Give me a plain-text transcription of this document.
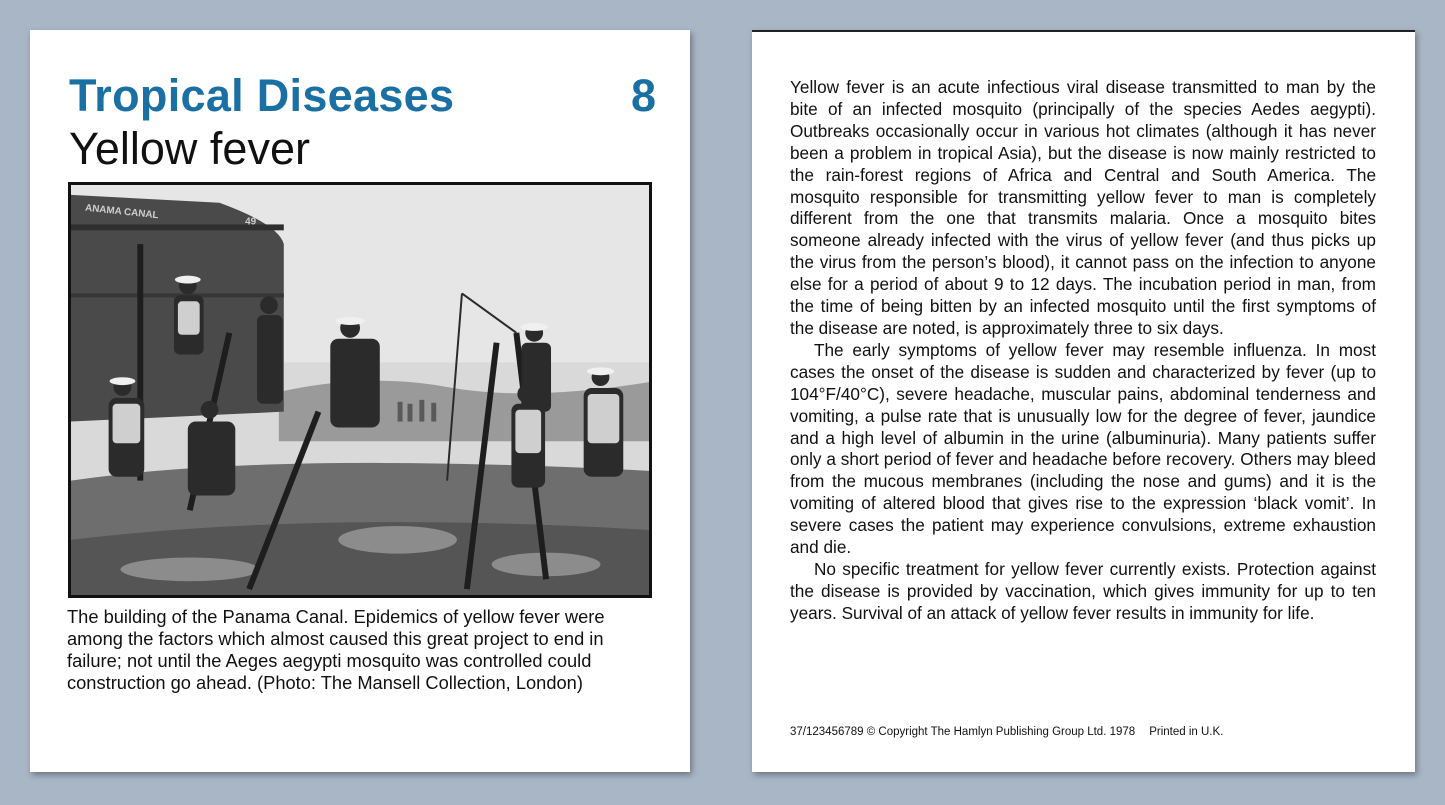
Tropical Diseases	8
Yellow fever
ANAMA CANAL
49

The building of the Panama Canal. Epidemics of yellow fever were among the factors which almost caused this great project to end in failure; not until the Aeges aegypti mosquito was controlled could construction go ahead. (Photo: The Mansell Collection, London)

Yellow fever is an acute infectious viral disease transmitted to man by the bite of an infected mosquito (principally of the species Aedes aegypti). Outbreaks occasionally occur in various hot climates (although it has never been a problem in tropical Asia), but the disease is now mainly restricted to the rain-forest regions of Africa and Central and South America. The mosquito responsible for transmitting yellow fever to man is completely different from the one that transmits malaria. Once a mosquito bites someone already infected with the virus of yellow fever (and thus picks up the virus from the person’s blood), it cannot pass on the infection to anyone else for a period of about 9 to 12 days. The incubation period in man, from the time of being bitten by an infected mosquito until the first symptoms of the disease are noted, is approximately three to six days.

The early symptoms of yellow fever may resemble influenza. In most cases the onset of the disease is sudden and characterized by fever (up to 104°F/40°C), severe headache, muscular pains, abdominal tenderness and vomiting, a pulse rate that is unusually low for the degree of fever, jaundice and a high level of albumin in the urine (albuminuria). Many patients suffer only a short period of fever and headache before recovery. Others may bleed from the mucous membranes (including the nose and gums) and it is the vomiting of altered blood that gives rise to the expression ‘black vomit’. In severe cases the patient may experience convulsions, extreme exhaustion and die.

No specific treatment for yellow fever currently exists. Protection against the disease is provided by vaccination, which gives immunity for up to ten years. Survival of an attack of yellow fever results in immunity for life.

37/123456789 © Copyright The Hamlyn Publishing Group Ltd. 1978 Printed in U.K.
